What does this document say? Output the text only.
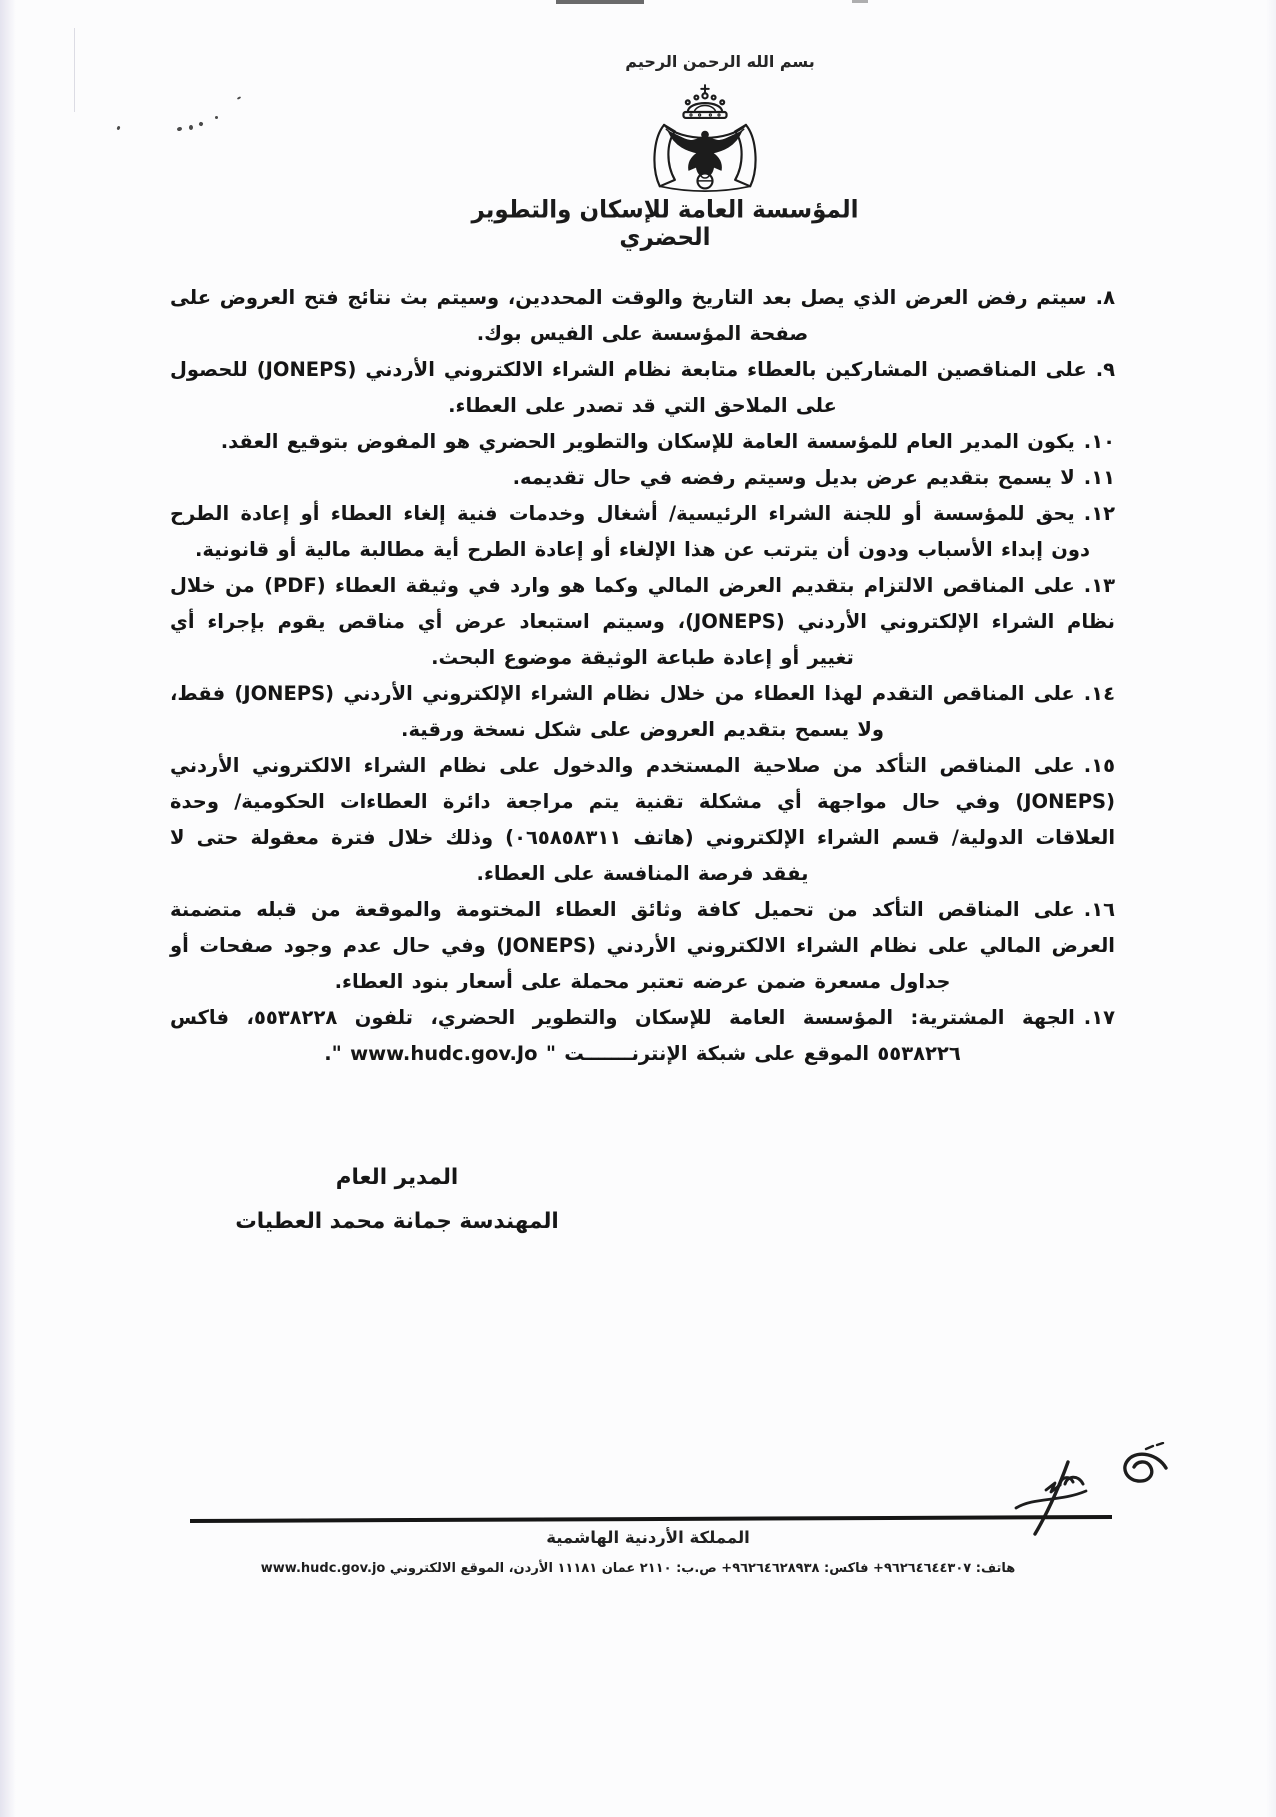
بسم الله الرحمن الرحيم
المؤسسة العامة للإسكان والتطوير الحضري

٨.سيتم رفض العرض الذي يصل بعد التاريخ والوقت المحددين، وسيتم بث نتائج فتح العروض على صفحة المؤسسة على الفيس بوك.

٩.على المناقصين المشاركين بالعطاء متابعة نظام الشراء الالكتروني الأردني (JONEPS) للحصول على الملاحق التي قد تصدر على العطاء.

١٠.يكون المدير العام للمؤسسة العامة للإسكان والتطوير الحضري هو المفوض بتوقيع العقد.

١١.لا يسمح بتقديم عرض بديل وسيتم رفضه في حال تقديمه.

١٢.يحق للمؤسسة أو للجنة الشراء الرئيسية/ أشغال وخدمات فنية إلغاء العطاء أو إعادة الطرح دون إبداء الأسباب ودون أن يترتب عن هذا الإلغاء أو إعادة الطرح أية مطالبة مالية أو قانونية.

١٣.على المناقص الالتزام بتقديم العرض المالي وكما هو وارد في وثيقة العطاء (PDF) من خلال نظام الشراء الإلكتروني الأردني (JONEPS)، وسيتم استبعاد عرض أي مناقص يقوم بإجراء أي تغيير أو إعادة طباعة الوثيقة موضوع البحث.

١٤.على المناقص التقدم لهذا العطاء من خلال نظام الشراء الإلكتروني الأردني (JONEPS) فقط، ولا يسمح بتقديم العروض على شكل نسخة ورقية.

١٥.على المناقص التأكد من صلاحية المستخدم والدخول على نظام الشراء الالكتروني الأردني (JONEPS) وفي حال مواجهة أي مشكلة تقنية يتم مراجعة دائرة العطاءات الحكومية/ وحدة العلاقات الدولية/ قسم الشراء الإلكتروني (هاتف ٠٦٥٨٥٨٣١١) وذلك خلال فترة معقولة حتى لا يفقد فرصة المنافسة على العطاء.

١٦.على المناقص التأكد من تحميل كافة وثائق العطاء المختومة والموقعة من قبله متضمنة العرض المالي على نظام الشراء الالكتروني الأردني (JONEPS) وفي حال عدم وجود صفحات أو جداول مسعرة ضمن عرضه تعتبر محملة على أسعار بنود العطاء.

١٧.الجهة المشترية: المؤسسة العامة للإسكان والتطوير الحضري، تلفون ٥٥٣٨٢٢٨، فاكس ٥٥٣٨٢٢٦ الموقع على شبكة الإنترنـــــــت " www.hudc.gov.Jo ".

المدير العام
المهندسة جمانة محمد العطيات
المملكة الأردنية الهاشمية
هاتف: ٩٦٢٦٤٦٤٤٣٠٧+ فاكس: ٩٦٢٦٤٦٢٨٩٣٨+ ص.ب: ٢١١٠ عمان ١١١٨١ الأردن، الموقع الالكتروني www.hudc.gov.jo
